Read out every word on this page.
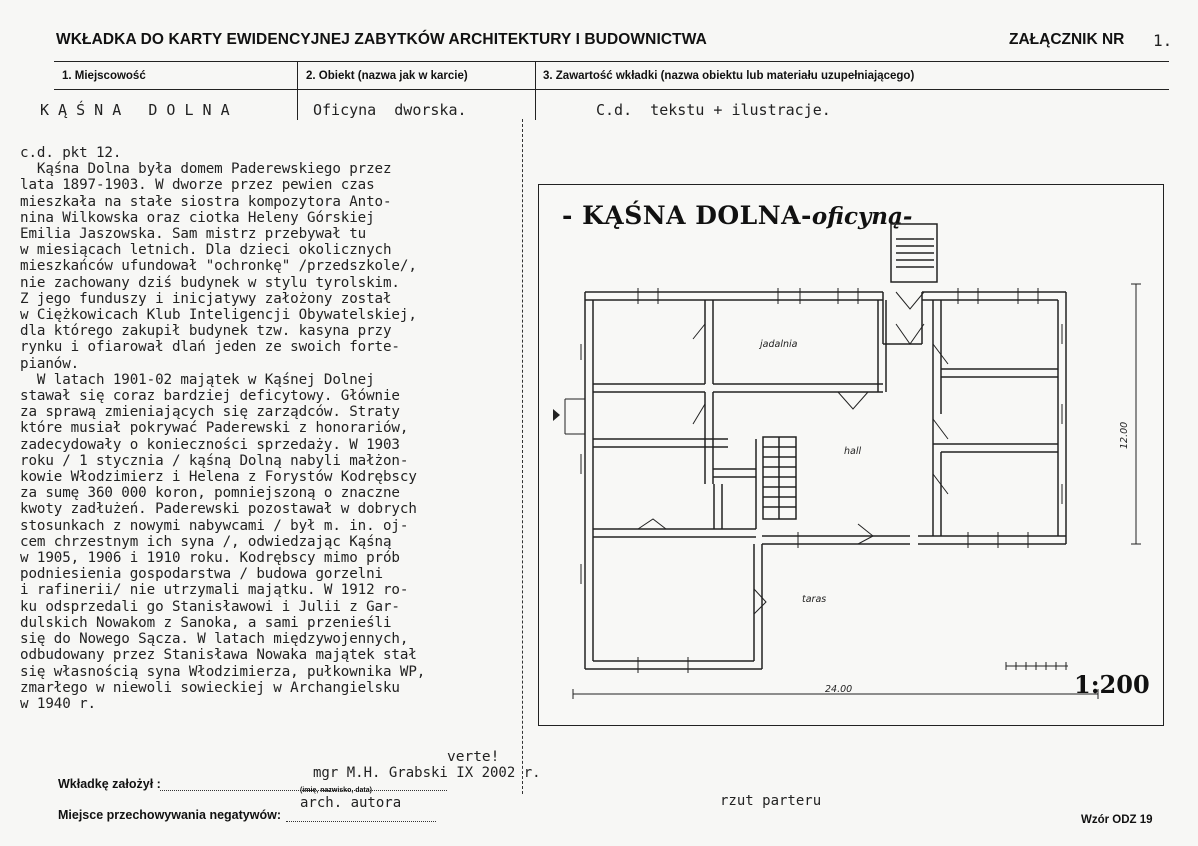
WKŁADKA DO KARTY EWIDENCYJNEJ ZABYTKÓW ARCHITEKTURY I BUDOWNICTWA	ZAŁĄCZNIK NR 1.
1. Miejscowość	2. Obiekt (nazwa jak w karcie)	3. Zawartość wkładki (nazwa obiektu lub materiału uzupełniającego)
K Ą Ś N A   D O L N A	Oficyna  dworska.	C.d.  tekstu + ilustracje.
c.d. pkt 12.
Kąśna Dolna była domem Paderewskiego przez
lata 1897-1903. W dworze przez pewien czas
mieszkała na stałe siostra kompozytora Anto-
nina Wilkowska oraz ciotka Heleny Górskiej
Emilia Jaszowska. Sam mistrz przebywał tu
w miesiącach letnich. Dla dzieci okolicznych
mieszkańców ufundował "ochronkę" /przedszkole/,
nie zachowany dziś budynek w stylu tyrolskim.
Z jego funduszy i inicjatywy założony został
w Ciężkowicach Klub Inteligencji Obywatelskiej,
dla którego zakupił budynek tzw. kasyna przy
rynku i ofiarował dlań jeden ze swoich forte-
pianów.
W latach 1901-02 majątek w Kąśnej Dolnej
stawał się coraz bardziej deficytowy. Głównie
za sprawą zmieniających się zarządców. Straty
które musiał pokrywać Paderewski z honorariów,
zadecydowały o konieczności sprzedaży. W 1903
roku / 1 stycznia / kąśną Dolną nabyli małżon-
kowie Włodzimierz i Helena z Forystów Kodrębscy
za sumę 360 000 koron, pomniejszoną o znaczne
kwoty zadłużeń. Paderewski pozostawał w dobrych
stosunkach z nowymi nabywcami / był m. in. oj-
cem chrzestnym ich syna /, odwiedzając Kąśną
w 1905, 1906 i 1910 roku. Kodrębscy mimo prób
podniesienia gospodarstwa / budowa gorzelni
i rafinerii/ nie utrzymali majątku. W 1912 ro-
ku odsprzedali go Stanisławowi i Julii z Gar-
dulskich Nowakom z Sanoka, a sami przenieśli
się do Nowego Sącza. W latach międzywojennych,
odbudowany przez Stanisława Nowaka majątek stał
się własnością syna Włodzimierza, pułkownika WP,
zmarłego w niewoli sowieckiej w Archangielsku
w 1940 r.
verte!
Wkładkę założył :
mgr M.H. Grabski IX 2002 r.
(imię, nazwisko, data)
Miejsce przechowywania negatywów:
arch. autora	rzut parteru
Wzór ODZ 19
- KĄŚNA DOLNA-oficyną-
jadalnia
hall
taras
24.00
12.00
1:200
